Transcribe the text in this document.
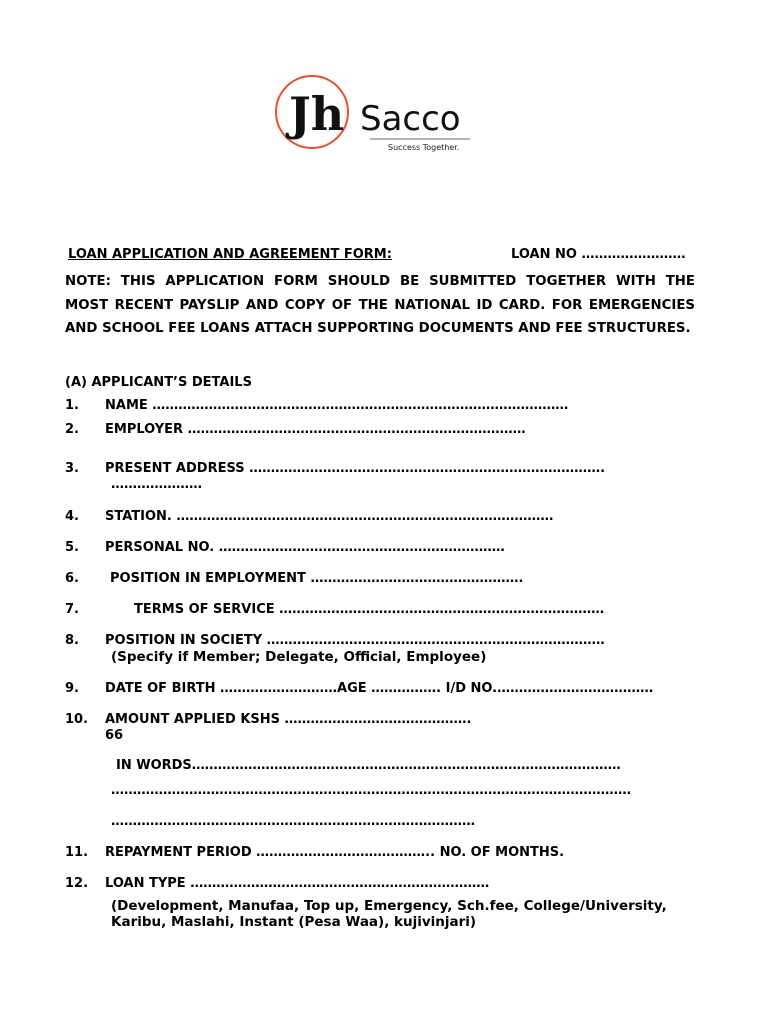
Jh Sacco
Success Together.
LOAN APPLICATION AND AGREEMENT FORM:	LOAN NO ……………………
NOTE: THIS APPLICATION FORM SHOULD BE SUBMITTED TOGETHER WITH THE MOST RECENT PAYSLIP AND COPY OF THE NATIONAL ID CARD. FOR EMERGENCIES AND SCHOOL FEE LOANS ATTACH SUPPORTING DOCUMENTS AND FEE STRUCTURES.
(A) APPLICANT’S DETAILS
1. NAME ……………………………………………………………………………………
2. EMPLOYER ……………………………………………………………………
3. PRESENT ADDRESS ……………………………………………………………………….
…………………
4. STATION. ……………………………………………………………………………
5. PERSONAL NO. …………………………………………………………
6. POSITION IN EMPLOYMENT ………………………………………….
7.	TERMS OF SERVICE …………………………………………………………………
8. POSITION IN SOCIETY ……………………………………………………………………
(Specify if Member; Delegate, Official, Employee)
9. DATE OF BIRTH ………………………AGE ……………. I/D NO.………………………………
10. AMOUNT APPLIED KSHS …………………………………….
66
IN WORDS………………………………………………………………………………………
…………………………………………………………………………………………………………
…………………………………………………………………………
11. REPAYMENT PERIOD ………………………………….. NO. OF MONTHS.
12. LOAN TYPE ……………………………………………………………
(Development, Manufaa, Top up, Emergency, Sch.fee, College/University,
Karibu, Maslahi, Instant (Pesa Waa), kujivinjari)
